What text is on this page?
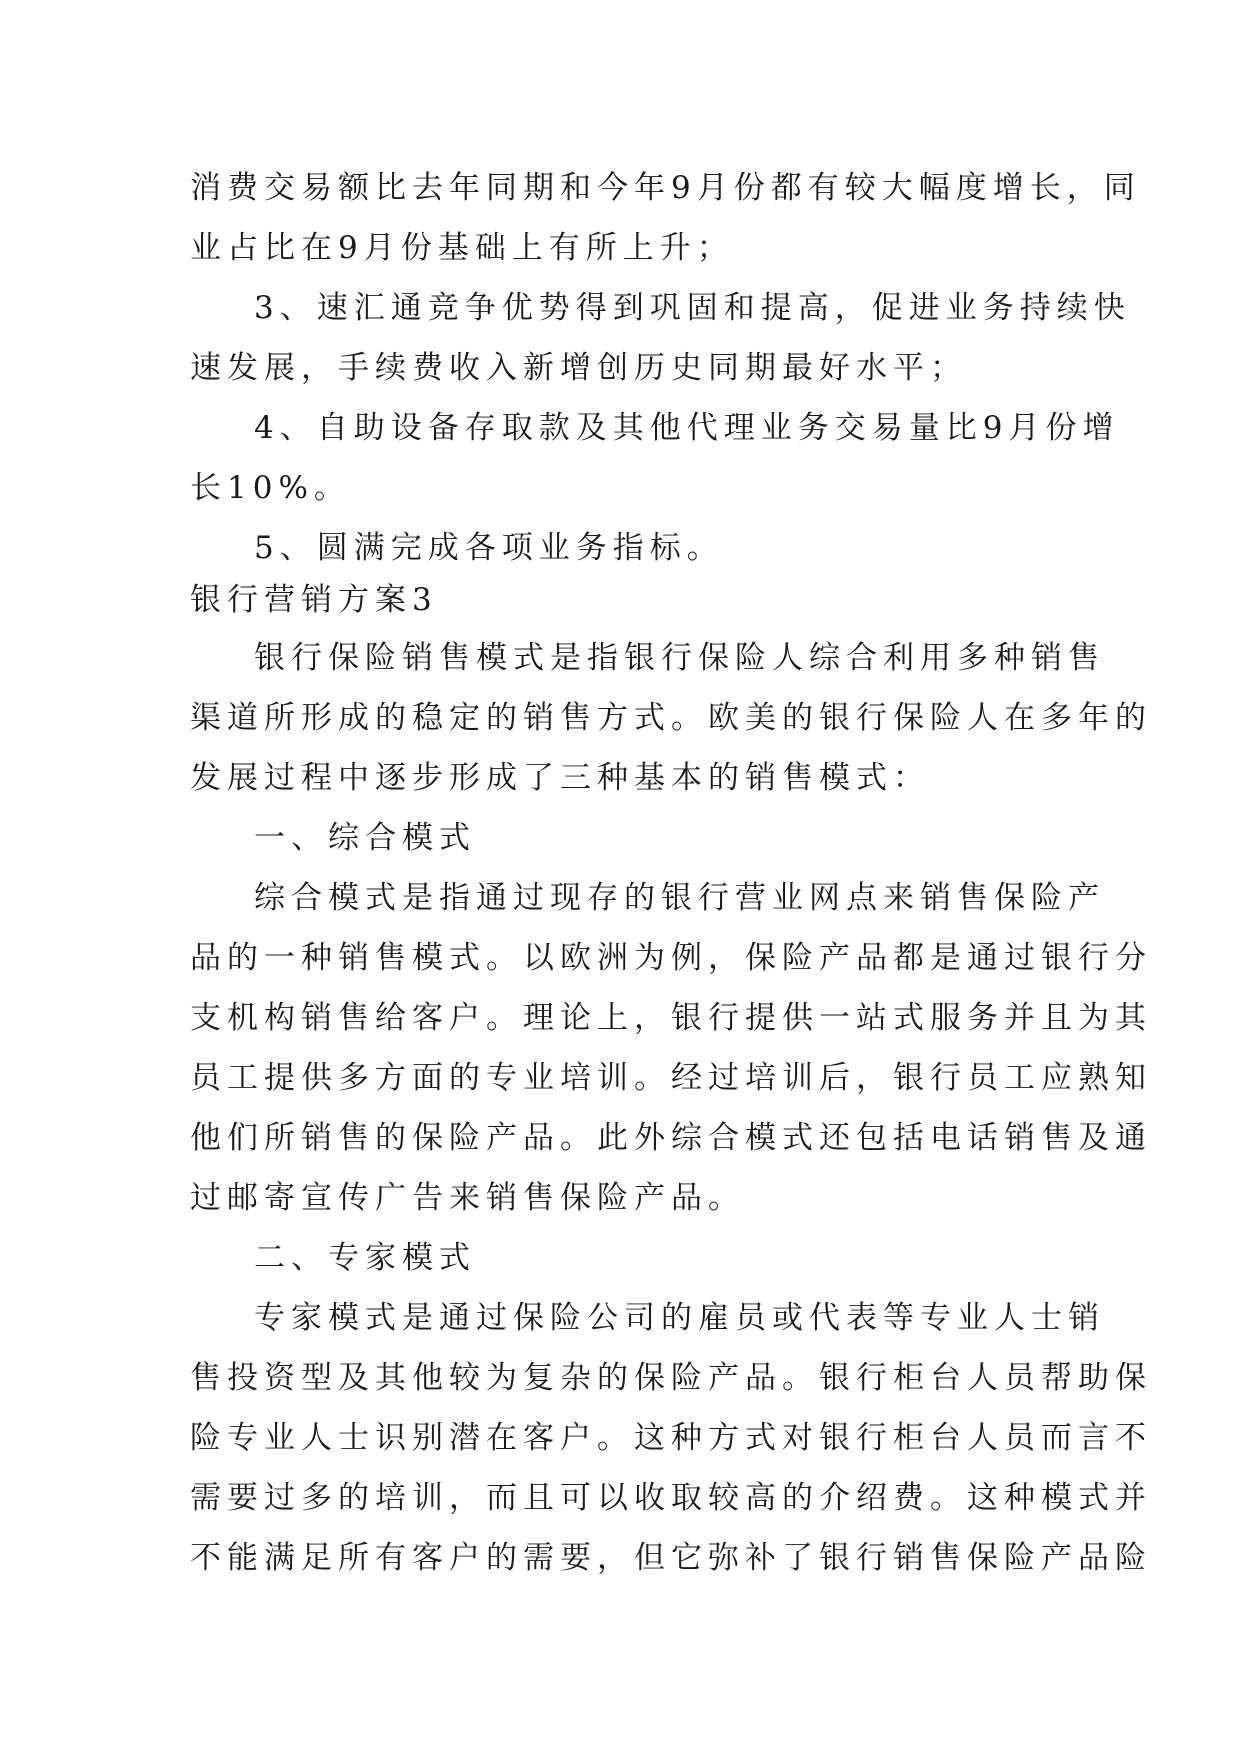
消费交易额比去年同期和今年9月份都有较大幅度增长，同
业占比在9月份基础上有所上升；
3、速汇通竞争优势得到巩固和提高，促进业务持续快
速发展，手续费收入新增创历史同期最好水平；
4、自助设备存取款及其他代理业务交易量比9月份增
长10%。
5、圆满完成各项业务指标。
银行营销方案3
银行保险销售模式是指银行保险人综合利用多种销售
渠道所形成的稳定的销售方式。欧美的银行保险人在多年的
发展过程中逐步形成了三种基本的销售模式：
一、综合模式
综合模式是指通过现存的银行营业网点来销售保险产
品的一种销售模式。以欧洲为例，保险产品都是通过银行分
支机构销售给客户。理论上，银行提供一站式服务并且为其
员工提供多方面的专业培训。经过培训后，银行员工应熟知
他们所销售的保险产品。此外综合模式还包括电话销售及通
过邮寄宣传广告来销售保险产品。
二、专家模式
专家模式是通过保险公司的雇员或代表等专业人士销
售投资型及其他较为复杂的保险产品。银行柜台人员帮助保
险专业人士识别潜在客户。这种方式对银行柜台人员而言不
需要过多的培训，而且可以收取较高的介绍费。这种模式并
不能满足所有客户的需要，但它弥补了银行销售保险产品险
